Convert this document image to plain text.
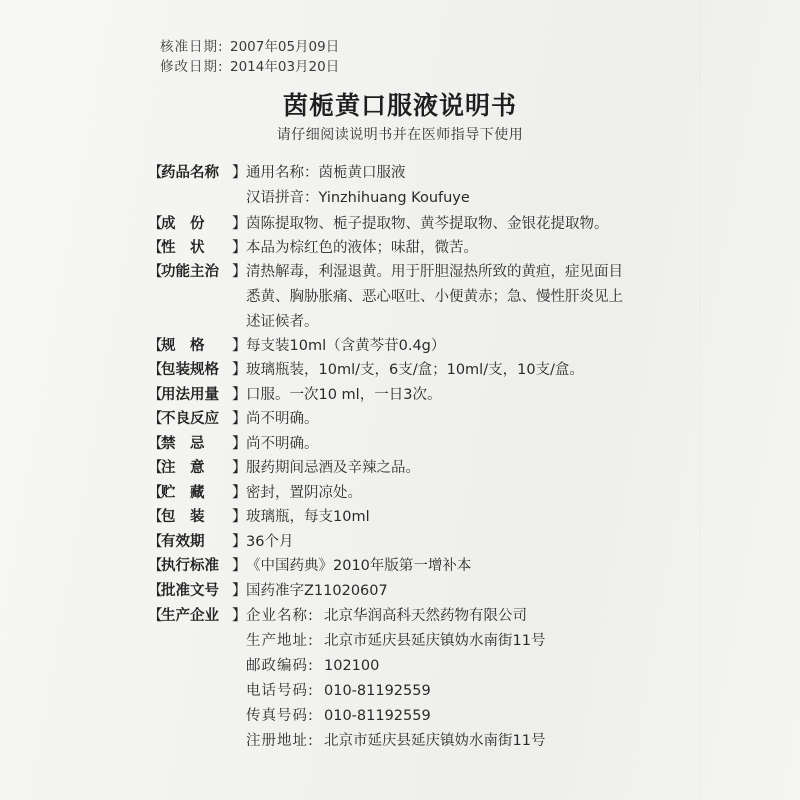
核准日期: 2007年05月09日
修改日期: 2014年03月20日
茵栀黄口服液说明书
请仔细阅读说明书并在医师指导下使用
【
药品名称 】 通用名称：茵栀黄口服液
汉语拼音：Yinzhihuang Koufuye
【
成　份	】 茵陈提取物、栀子提取物、黄芩提取物、金银花提取物。
【
性　状	】 本品为棕红色的液体；味甜，微苦。
【
功能主治 】 清热解毒，利湿退黄。用于肝胆湿热所致的黄疸，症见面目
悉黄、胸胁胀痛、恶心呕吐、小便黄赤；急、慢性肝炎见上
述证候者。
【
规　格	】 每支装10ml（含黄芩苷0.4g）
【
包装规格 】 玻璃瓶装，10ml/支，6支/盒；10ml/支，10支/盒。
【
用法用量 】 口服。一次10 ml，一日3次。
【
不良反应 】 尚不明确。
【
禁　忌	】 尚不明确。
【
注　意	】 服药期间忌酒及辛辣之品。
【
贮　藏	】 密封，置阴凉处。
【
包　装	】 玻璃瓶，每支10ml
【
有效期	】 36个月
【
执行标准 】 《中国药典》2010年版第一增补本
【
批准文号 】 国药准字Z11020607
【
生产企业 】 企业名称: 北京华润高科天然药物有限公司
生产地址: 北京市延庆县延庆镇妫水南街11号
邮政编码: 102100
电话号码: 010-81192559
传真号码: 010-81192559
注册地址: 北京市延庆县延庆镇妫水南街11号
